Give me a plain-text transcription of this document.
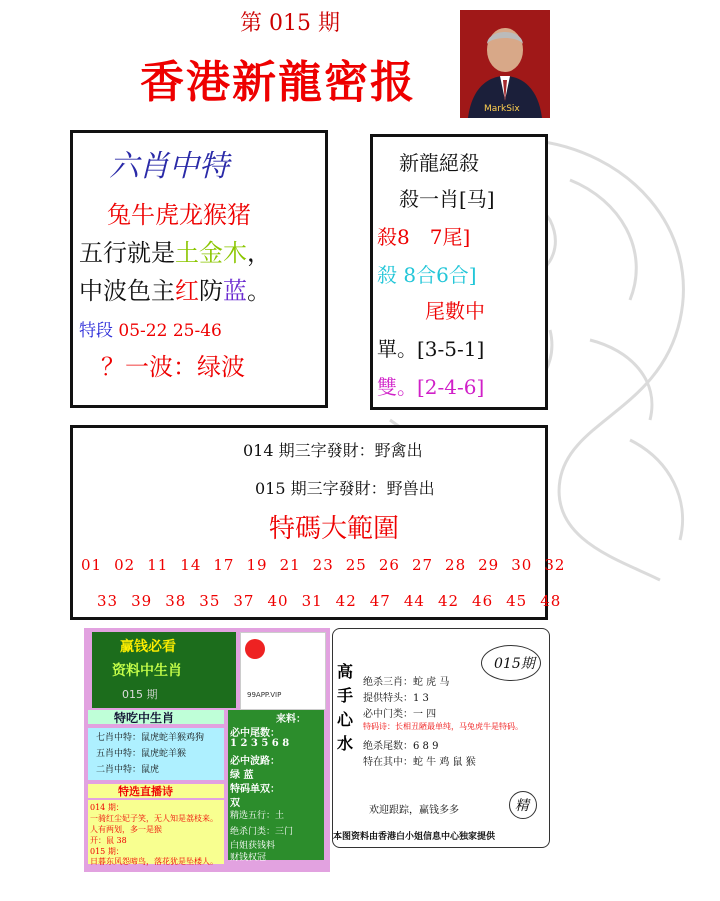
第 015 期
香港新龍密报
MarkSix
六肖中特
兔牛虎龙猴猪
五行就是土金木，
中波色主红防蓝。
特段 05-22 25-46
？一波：绿波
新龍絕殺
殺一肖[马]
殺8　7尾]
殺 8合6合]
尾數中
單。[3-5-1]
雙。[2-4-6]
014 期三字發財：野禽出
015 期三字發財：野兽出
特碼大範圍
01 02 11 14 17 19 21 23 25 26 27 28 29 30 32
33 39 38 35 37 40 31 42 47 44 42 46 45 48
赢钱必看
资料中生肖
015 期	99APP.VIP
特吃中生肖
七肖中特：鼠虎蛇羊猴鸡狗
五肖中特：鼠虎蛇羊猴
二肖中特：鼠虎
来料：
必中尾数：
1 2 3 5 6 8
必中波路：
绿 蓝
特码单双：
双
精选五行：土
绝杀门类：三门
白姐获钱料
财钱权冠
特选直播诗
014 期：
一骑红尘妃子笑，无人知是荔枝来。
人有两划，多一是猴
开：鼠 38
015 期：
日暮东风怨啼鸟，落花犹是坠楼人。
015期
高
手
心
水
绝杀三肖：蛇 虎 马
提供特头：1 3
必中门类：一 四
特码诗：长相丑陋最单纯，马兔虎牛是特码。
绝杀尾数：6 8 9
特在其中：蛇 牛 鸡 鼠 猴
欢迎跟踪，赢钱多多	精
本图资料由香港白小姐信息中心独家提供
